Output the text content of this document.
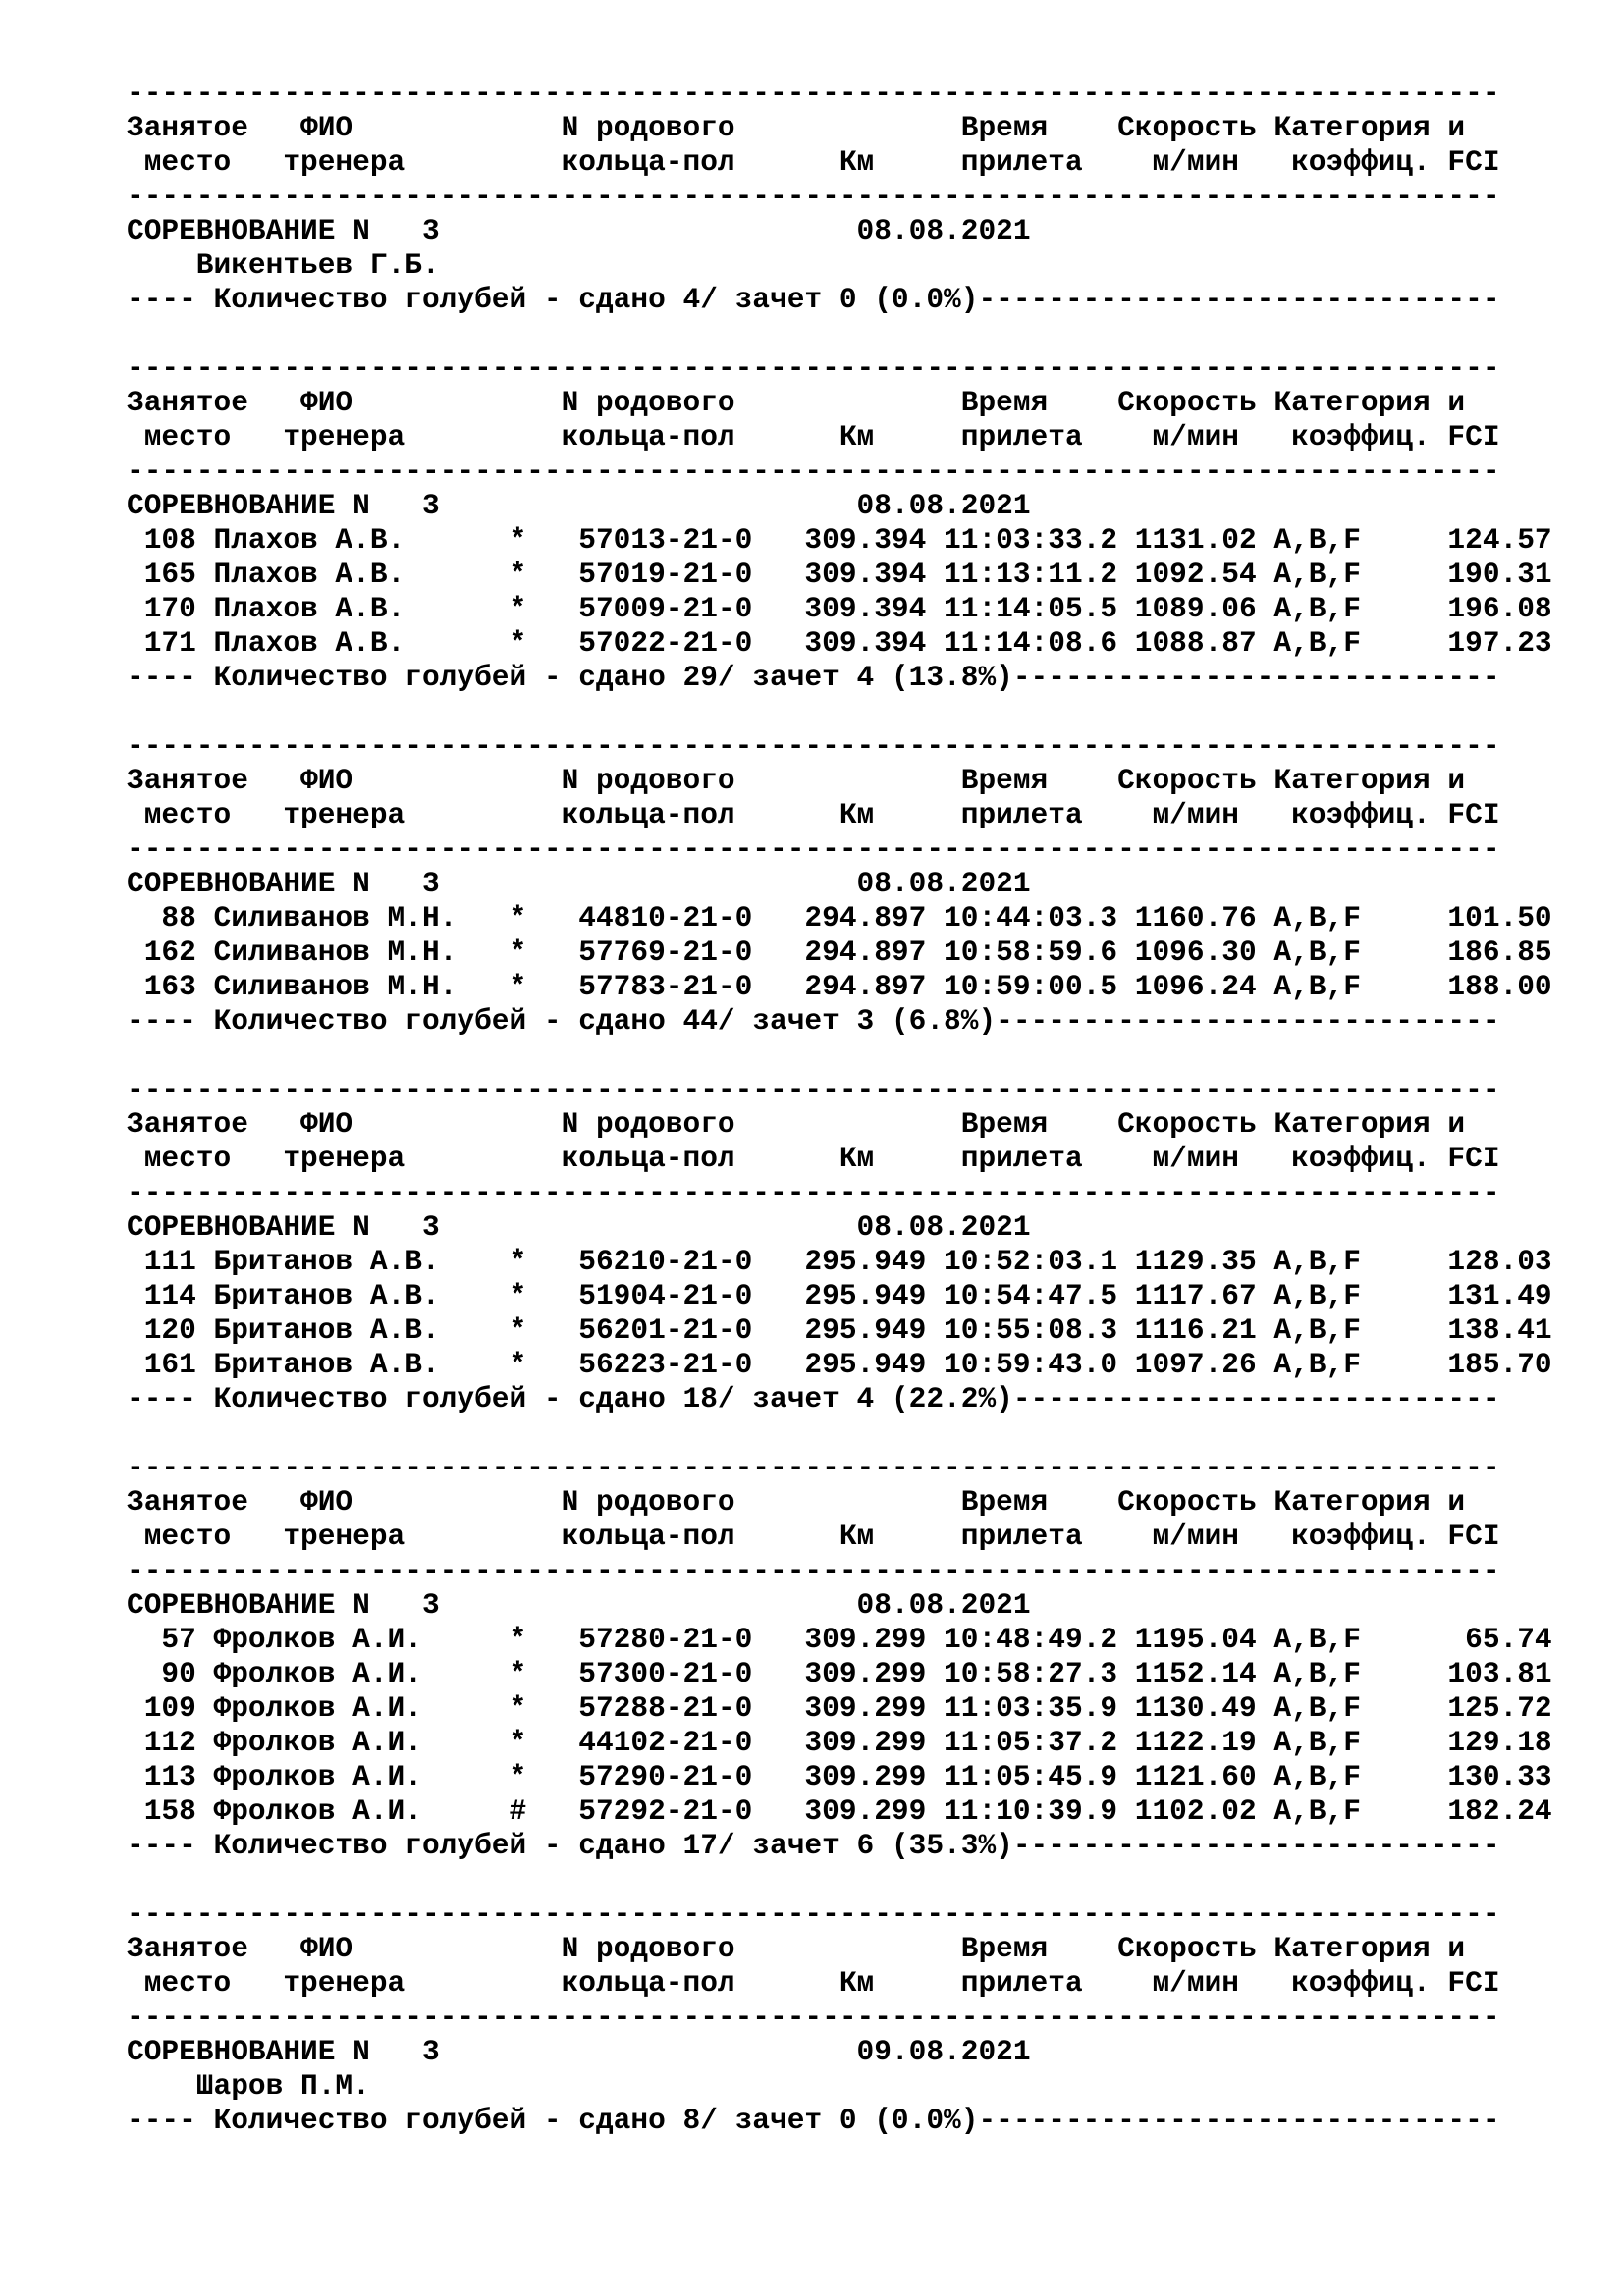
-------------------------------------------------------------------------------
Занятое   ФИО            N родового             Время    Скорость Категория и
место   тренера         кольца-пол      Км     прилета    м/мин   коэффиц. FCI
-------------------------------------------------------------------------------
СОРЕВНОВАНИЕ N   3                        08.08.2021
Викентьев Г.Б.
---- Количество голубей - сдано 4/ зачет 0 (0.0%)------------------------------
-------------------------------------------------------------------------------
Занятое   ФИО            N родового             Время    Скорость Категория и
место   тренера         кольца-пол      Км     прилета    м/мин   коэффиц. FCI
-------------------------------------------------------------------------------
СОРЕВНОВАНИЕ N   3                        08.08.2021
108 Плахов А.В.      *   57013-21-0   309.394 11:03:33.2 1131.02 A,B,F     124.57
165 Плахов А.В.      *   57019-21-0   309.394 11:13:11.2 1092.54 A,B,F     190.31
170 Плахов А.В.      *   57009-21-0   309.394 11:14:05.5 1089.06 A,B,F     196.08
171 Плахов А.В.      *   57022-21-0   309.394 11:14:08.6 1088.87 A,B,F     197.23
---- Количество голубей - сдано 29/ зачет 4 (13.8%)----------------------------
-------------------------------------------------------------------------------
Занятое   ФИО            N родового             Время    Скорость Категория и
место   тренера         кольца-пол      Км     прилета    м/мин   коэффиц. FCI
-------------------------------------------------------------------------------
СОРЕВНОВАНИЕ N   3                        08.08.2021
88 Силиванов М.Н.   *   44810-21-0   294.897 10:44:03.3 1160.76 A,B,F     101.50
162 Силиванов М.Н.   *   57769-21-0   294.897 10:58:59.6 1096.30 A,B,F     186.85
163 Силиванов М.Н.   *   57783-21-0   294.897 10:59:00.5 1096.24 A,B,F     188.00
---- Количество голубей - сдано 44/ зачет 3 (6.8%)-----------------------------
-------------------------------------------------------------------------------
Занятое   ФИО            N родового             Время    Скорость Категория и
место   тренера         кольца-пол      Км     прилета    м/мин   коэффиц. FCI
-------------------------------------------------------------------------------
СОРЕВНОВАНИЕ N   3                        08.08.2021
111 Британов А.В.    *   56210-21-0   295.949 10:52:03.1 1129.35 A,B,F     128.03
114 Британов А.В.    *   51904-21-0   295.949 10:54:47.5 1117.67 A,B,F     131.49
120 Британов А.В.    *   56201-21-0   295.949 10:55:08.3 1116.21 A,B,F     138.41
161 Британов А.В.    *   56223-21-0   295.949 10:59:43.0 1097.26 A,B,F     185.70
---- Количество голубей - сдано 18/ зачет 4 (22.2%)----------------------------
-------------------------------------------------------------------------------
Занятое   ФИО            N родового             Время    Скорость Категория и
место   тренера         кольца-пол      Км     прилета    м/мин   коэффиц. FCI
-------------------------------------------------------------------------------
СОРЕВНОВАНИЕ N   3                        08.08.2021
57 Фролков А.И.     *   57280-21-0   309.299 10:48:49.2 1195.04 A,B,F      65.74
90 Фролков А.И.     *   57300-21-0   309.299 10:58:27.3 1152.14 A,B,F     103.81
109 Фролков А.И.     *   57288-21-0   309.299 11:03:35.9 1130.49 A,B,F     125.72
112 Фролков А.И.     *   44102-21-0   309.299 11:05:37.2 1122.19 A,B,F     129.18
113 Фролков А.И.     *   57290-21-0   309.299 11:05:45.9 1121.60 A,B,F     130.33
158 Фролков А.И.     #   57292-21-0   309.299 11:10:39.9 1102.02 A,B,F     182.24
---- Количество голубей - сдано 17/ зачет 6 (35.3%)----------------------------
-------------------------------------------------------------------------------
Занятое   ФИО            N родового             Время    Скорость Категория и
место   тренера         кольца-пол      Км     прилета    м/мин   коэффиц. FCI
-------------------------------------------------------------------------------
СОРЕВНОВАНИЕ N   3                        09.08.2021
Шаров П.М.
---- Количество голубей - сдано 8/ зачет 0 (0.0%)------------------------------
